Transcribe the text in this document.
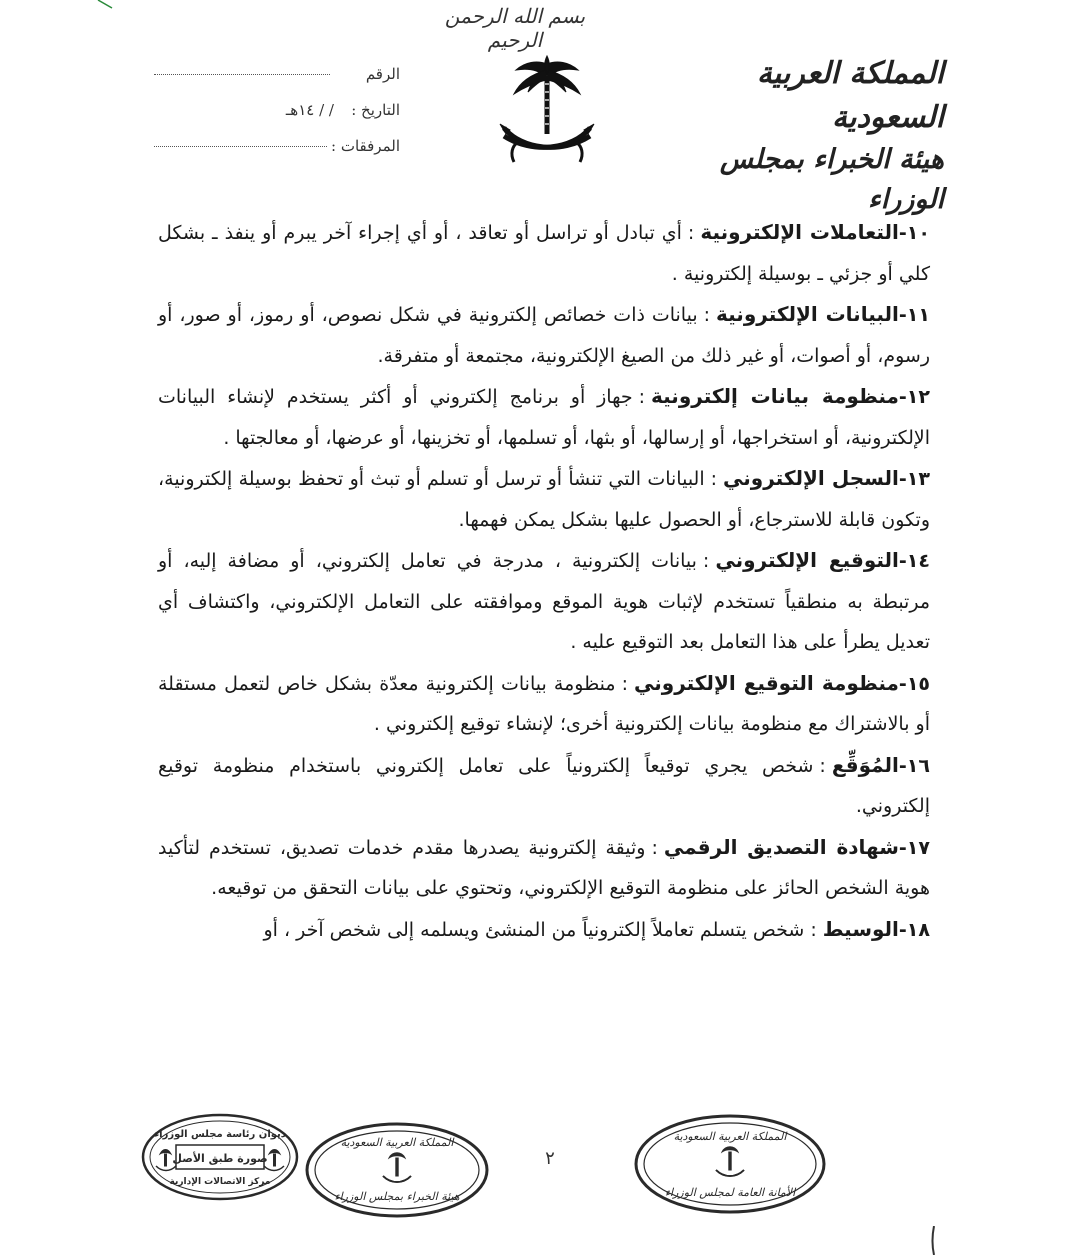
بسم الله الرحمن الرحيم
المملكة العربية السعودية
هيئة الخبراء بمجلس الوزراء
الرقم
التاريخ :
/ / ١٤هـ
المرفقات :

١٠-التعاملات الإلكترونية:أي تبادل أو تراسل أو تعاقد ، أو أي إجراء آخر يبرم أو ينفذ ـ بشكل كلي أو جزئي ـ بوسيلة إلكترونية .

١١-البيانات الإلكترونية:بيانات ذات خصائص إلكترونية في شكل نصوص، أو رموز، أو صور، أو رسوم، أو أصوات، أو غير ذلك من الصيغ الإلكترونية، مجتمعة أو متفرقة.

١٢-منظومة بيانات إلكترونية:جهاز أو برنامج إلكتروني أو أكثر يستخدم لإنشاء البيانات الإلكترونية، أو استخراجها، أو إرسالها، أو بثها، أو تسلمها، أو تخزينها، أو عرضها، أو معالجتها .

١٣-السجل الإلكتروني:البيانات التي تنشأ أو ترسل أو تسلم أو تبث أو تحفظ بوسيلة إلكترونية، وتكون قابلة للاسترجاع، أو الحصول عليها بشكل يمكن فهمها.

١٤-التوقيع الإلكتروني:بيانات إلكترونية ، مدرجة في تعامل إلكتروني، أو مضافة إليه، أو مرتبطة به منطقياً تستخدم لإثبات هوية الموقع وموافقته على التعامل الإلكتروني، واكتشاف أي تعديل يطرأ على هذا التعامل بعد التوقيع عليه .

١٥-منظومة التوقيع الإلكتروني:منظومة بيانات إلكترونية معدّة بشكل خاص لتعمل مستقلة أو بالاشتراك مع منظومة بيانات إلكترونية أخرى؛ لإنشاء توقيع إلكتروني .

١٦-المُوَقِّع:شخص يجري توقيعاً إلكترونياً على تعامل إلكتروني باستخدام منظومة توقيع إلكتروني.

١٧-شهادة التصديق الرقمي:وثيقة إلكترونية يصدرها مقدم خدمات تصديق، تستخدم لتأكيد هوية الشخص الحائز على منظومة التوقيع الإلكتروني، وتحتوي على بيانات التحقق من توقيعه.

١٨-الوسيط:شخص يتسلم تعاملاً إلكترونياً من المنشئ ويسلمه إلى شخص آخر ، أو

٢
ديوان رئاسة مجلس الوزراء
صورة طبق الأصل
مركز الاتصالات الإدارية
المملكة العربية السعودية
هيئة الخبراء بمجلس الوزراء
المملكة العربية السعودية
الأمانة العامة لمجلس الوزراء
